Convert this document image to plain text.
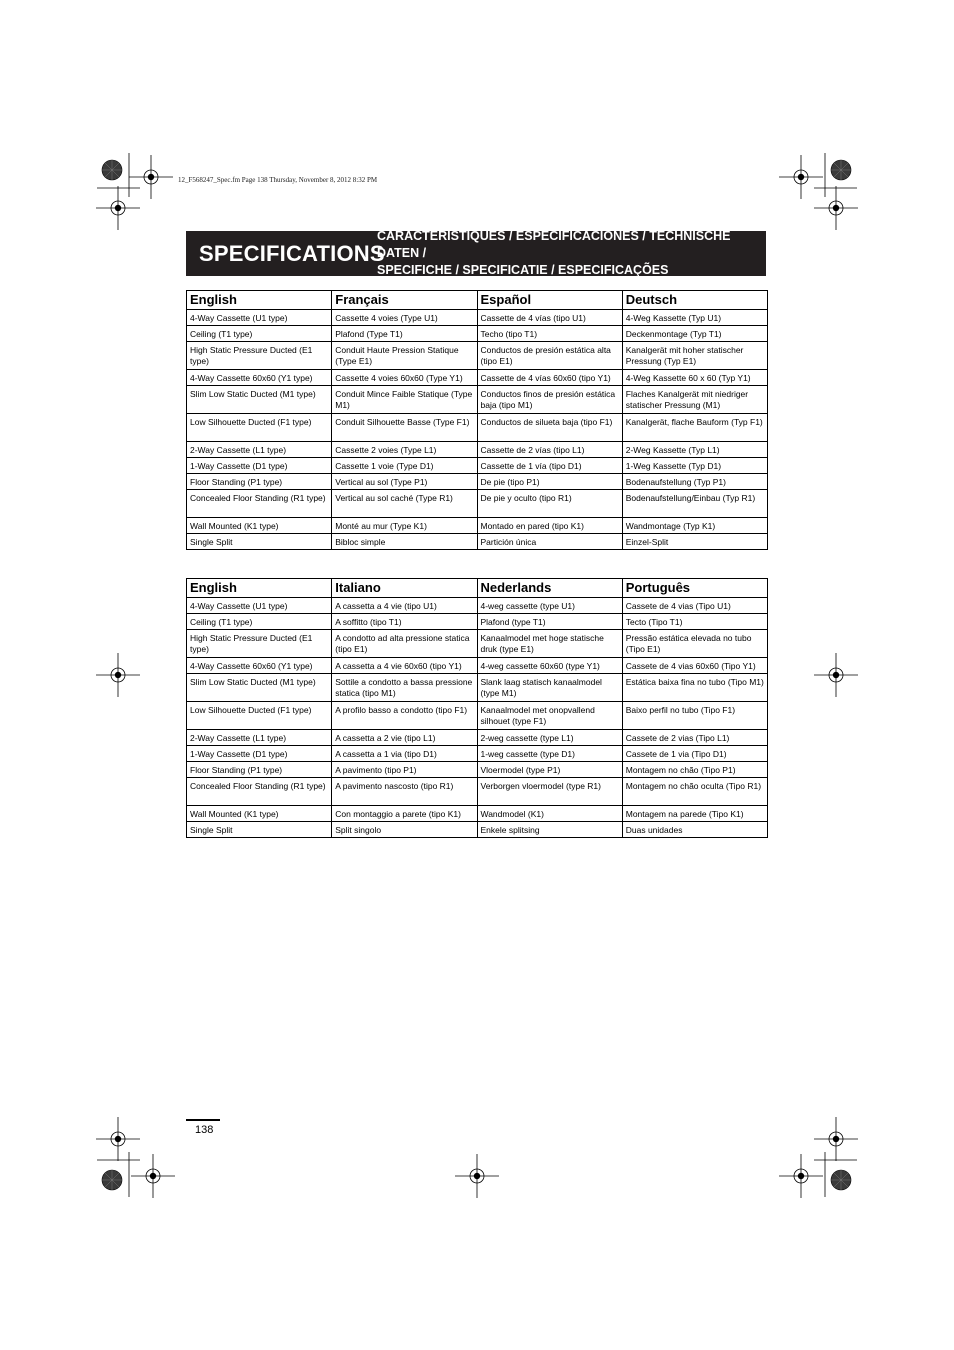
12_F568247_Spec.fm Page 138 Thursday, November 8, 2012 8:32 PM
SPECIFICATIONS
CARACTÉRISTIQUES / ESPECIFICACIONES / TECHNISCHE DATEN /
SPECIFICHE / SPECIFICATIE / ESPECIFICAÇÕES
English	Français	Español	Deutsch
4-Way Cassette (U1 type)	Cassette 4 voies (Type U1)	Cassette de 4 vías (tipo U1)	4-Weg Kassette (Typ U1)
Ceiling (T1 type)	Plafond (Type T1)	Techo (tipo T1)	Deckenmontage (Typ T1)
High Static Pressure Ducted (E1 type)	Conduit Haute Pression Statique (Type E1)	Conductos de presión estática alta (tipo E1)	Kanalgerät mit hoher statischer Pressung (Typ E1)
4-Way Cassette 60x60 (Y1 type)	Cassette 4 voies 60x60 (Type Y1)	Cassette de 4 vías 60x60 (tipo Y1)	4-Weg Kassette 60 x 60 (Typ Y1)
Slim Low Static Ducted (M1 type)	Conduit Mince Faible Statique (Type M1)	Conductos finos de presión estática baja (tipo M1)	Flaches Kanalgerät mit niedriger statischer Pressung (M1)
Low Silhouette Ducted (F1 type)	Conduit Silhouette Basse (Type F1)	Conductos de silueta baja (tipo F1)	Kanalgerät, flache Bauform (Typ F1)
2-Way Cassette (L1 type)	Cassette 2 voies (Type L1)	Cassette de 2 vías (tipo L1)	2-Weg Kassette (Typ L1)
1-Way Cassette (D1 type)	Cassette 1 voie (Type D1)	Cassette de 1 vía (tipo D1)	1-Weg Kassette (Typ D1)
Floor Standing (P1 type)	Vertical au sol (Type P1)	De pie (tipo P1)	Bodenaufstellung (Typ P1)
Concealed Floor Standing (R1 type)	Vertical au sol caché (Type R1)	De pie y oculto (tipo R1)	Bodenaufstellung/Einbau (Typ R1)
Wall Mounted (K1 type)	Monté au mur (Type K1)	Montado en pared (tipo K1)	Wandmontage (Typ K1)
Single Split	Bibloc simple	Partición única	Einzel-Split
English	Italiano	Nederlands	Português
4-Way Cassette (U1 type)	A cassetta a 4 vie (tipo U1)	4-weg cassette (type U1)	Cassete de 4 vias (Tipo U1)
Ceiling (T1 type)	A soffitto (tipo T1)	Plafond (type T1)	Tecto (Tipo T1)
High Static Pressure Ducted (E1 type)	A condotto ad alta pressione statica (tipo E1)	Kanaalmodel met hoge statische druk (type E1)	Pressão estática elevada no tubo (Tipo E1)
4-Way Cassette 60x60 (Y1 type)	A cassetta a 4 vie 60x60 (tipo Y1)	4-weg cassette 60x60 (type Y1)	Cassete de 4 vias 60x60 (Tipo Y1)
Slim Low Static Ducted (M1 type)	Sottile a condotto a bassa pressione statica (tipo M1)	Slank laag statisch kanaalmodel (type M1)	Estática baixa fina no tubo (Tipo M1)
Low Silhouette Ducted (F1 type)	A profilo basso a condotto (tipo F1)	Kanaalmodel met onopvallend silhouet (type F1)	Baixo perfil no tubo (Tipo F1)
2-Way Cassette (L1 type)	A cassetta a 2 vie (tipo L1)	2-weg cassette (type L1)	Cassete de 2 vias (Tipo L1)
1-Way Cassette (D1 type)	A cassetta a 1 via (tipo D1)	1-weg cassette (type D1)	Cassete de 1 via (Tipo D1)
Floor Standing (P1 type)	A pavimento (tipo P1)	Vloermodel (type P1)	Montagem no chão (Tipo P1)
Concealed Floor Standing (R1 type)	A pavimento nascosto (tipo R1)	Verborgen vloermodel (type R1)	Montagem no chão oculta (Tipo R1)
Wall Mounted (K1 type)	Con montaggio a parete (tipo K1)	Wandmodel (K1)	Montagem na parede (Tipo K1)
Single Split	Split singolo	Enkele splitsing	Duas unidades
138
